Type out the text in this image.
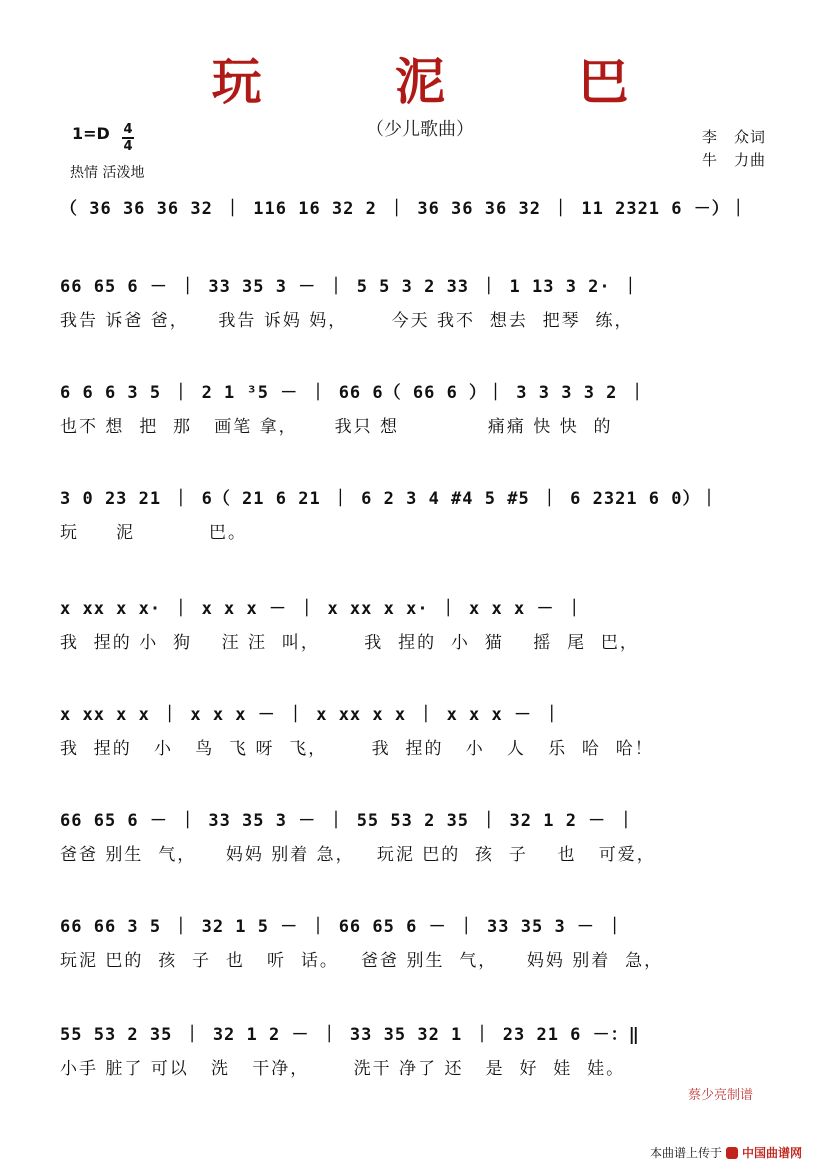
玩 泥 巴
（少儿歌曲）
1=D 4
4
热情 活泼地
李　众词
牛　力曲
（ 36 36 36 32 ｜ 116 16 32 2 ｜ 36 36 36 32 ｜ 11 2321 6 －）｜
66 65 6 － ｜ 33 35 3 － ｜ 5 5 3 2 33 ｜ 1 13 3 2· ｜
我告 诉爸 爸，    我告 诉妈 妈，      今天 我不  想去  把琴  练，
6 6 6 3 5 ｜ 2 1 ³5 － ｜ 66 6（ 66 6 ）｜ 3 3 3 3 2 ｜
也不 想  把  那   画笔 拿，     我只 想            痛痛 快 快  的
3 0 23 21 ｜ 6（ 21 6 21 ｜ 6 2 3 4 #4 5 #5 ｜ 6 2321 6 0）｜
玩     泥          巴。
x xx x x· ｜ x x x － ｜ x xx x x· ｜ x x x － ｜
我  捏的 小  狗    汪 汪  叫，      我  捏的  小  猫    摇  尾  巴，
x xx x x ｜ x x x － ｜ x xx x x ｜ x x x － ｜
我  捏的   小   鸟  飞 呀  飞，      我  捏的   小   人   乐  哈  哈！
66 65 6 － ｜ 33 35 3 － ｜ 55 53 2 35 ｜ 32 1 2 － ｜
爸爸 别生  气，    妈妈 别着 急，   玩泥 巴的  孩  子    也   可爱，
66 66 3 5 ｜ 32 1 5 － ｜ 66 65 6 － ｜ 33 35 3 － ｜
玩泥 巴的  孩  子  也   听  话。   爸爸 别生  气，    妈妈 别着  急，
55 53 2 35 ｜ 32 1 2 － ｜ 33 35 32 1 ｜ 23 21 6 －：‖
小手 脏了 可以   洗   干净，      洗干 净了 还   是  好  娃  娃。
蔡少亮制谱
本曲谱上传于 中国曲谱网
